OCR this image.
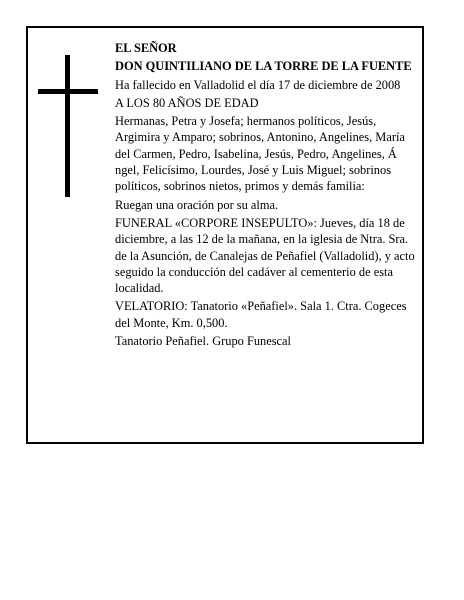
EL SEÑOR

DON QUINTILIANO DE LA TORRE DE LA FUENTE

Ha fallecido en Valladolid el día 17 de diciembre de 2008

A LOS 80 AÑOS DE EDAD

Hermanas, Petra y Josefa; hermanos políticos, Jesús, Argimira y Amparo; sobrinos, Antonino, Angelines, María del Carmen, Pedro, Isabelina, Jesús, Pedro, Angelines, Á ngel, Felicísimo, Lourdes, José y Luis Miguel; sobrinos políticos, sobrinos nietos, primos y demás familia:

Ruegan una oración por su alma.

FUNERAL «CORPORE INSEPULTO»: Jueves, día 18 de diciembre, a las 12 de la mañana, en la iglesia de Ntra. Sra. de la Asunción, de Canalejas de Peñafiel (Valladolid), y acto seguido la conducción del cadáver al cementerio de esta localidad.

VELATORIO: Tanatorio «Peñafiel». Sala 1. Ctra. Cogeces del Monte, Km. 0,500.

Tanatorio Peñafiel. Grupo Funescal
